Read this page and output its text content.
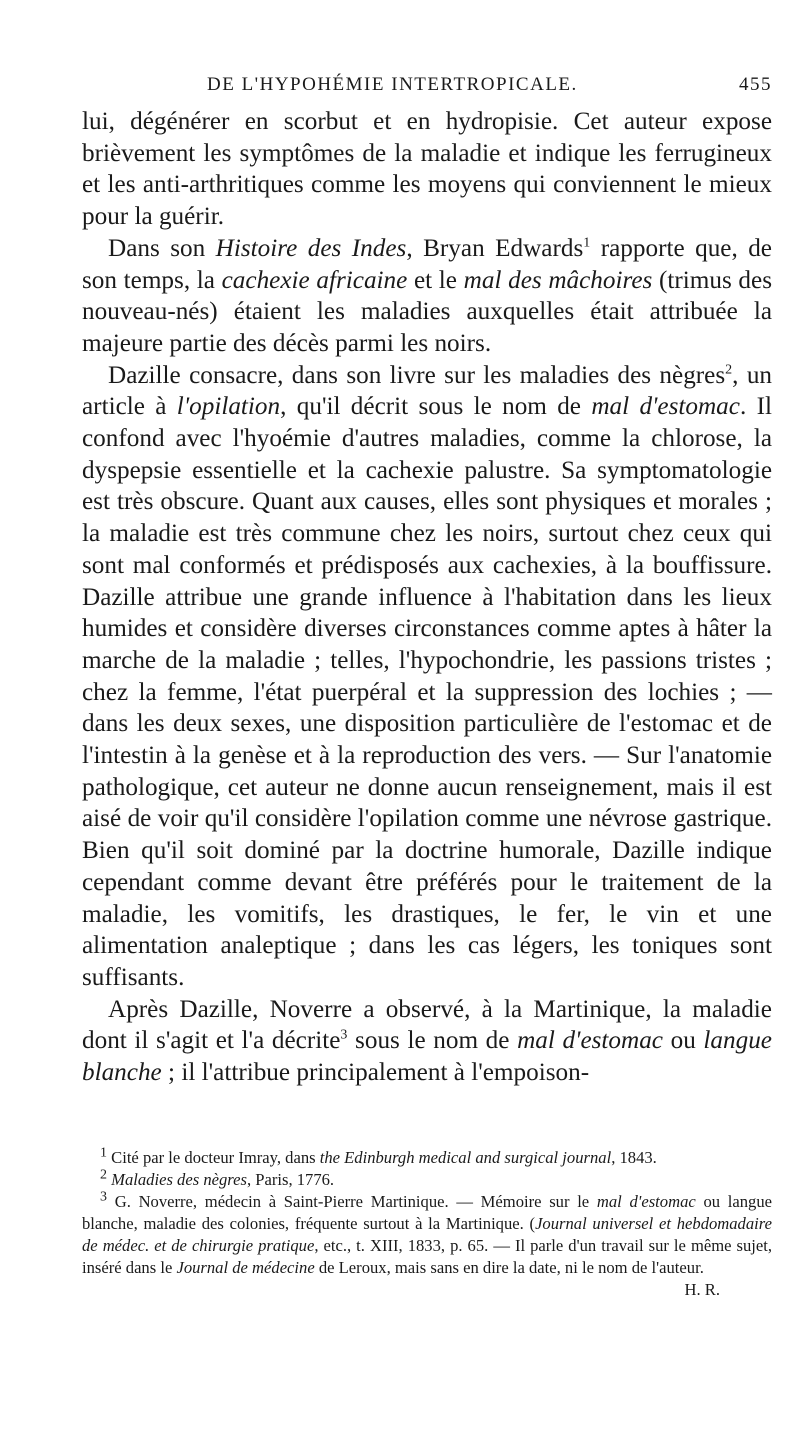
DE L'HYPOHÉMIE INTERTROPICALE.	455

lui, dégénérer en scorbut et en hydropisie. Cet auteur expose brièvement les symptômes de la maladie et indique les ferrugineux et les anti-arthritiques comme les moyens qui conviennent le mieux pour la guérir.

Dans son Histoire des Indes, Bryan Edwards$^1$ rapporte que, de son temps, la cachexie africaine et le mal des mâchoires (trimus des nouveau-nés) étaient les maladies auxquelles était attribuée la majeure partie des décès parmi les noirs.

Dazille consacre, dans son livre sur les maladies des nègres$^2$, un article à l'opilation, qu'il décrit sous le nom de mal d'estomac. Il confond avec l'hyoémie d'autres maladies, comme la chlorose, la dyspepsie essentielle et la cachexie palustre. Sa symptomatologie est très obscure. Quant aux causes, elles sont physiques et morales ; la maladie est très commune chez les noirs, surtout chez ceux qui sont mal conformés et prédisposés aux cachexies, à la bouffissure. Dazille attribue une grande influence à l'habitation dans les lieux humides et considère diverses circonstances comme aptes à hâter la marche de la maladie ; telles, l'hypochondrie, les passions tristes ; chez la femme, l'état puerpéral et la suppression des lochies ; — dans les deux sexes, une disposition particulière de l'estomac et de l'intestin à la genèse et à la reproduction des vers. — Sur l'anatomie pathologique, cet auteur ne donne aucun renseignement, mais il est aisé de voir qu'il considère l'opilation comme une névrose gastrique. Bien qu'il soit dominé par la doctrine humorale, Dazille indique cependant comme devant être préférés pour le traitement de la maladie, les vomitifs, les drastiques, le fer, le vin et une alimentation analeptique ; dans les cas légers, les toniques sont suffisants.

Après Dazille, Noverre a observé, à la Martinique, la maladie dont il s'agit et l'a décrite$^3$ sous le nom de mal d'estomac ou langue blanche ; il l'attribue principalement à l'empoison-

$^1$ Cité par le docteur Imray, dans the Edinburgh medical and surgical journal, 1843.

$^2$ Maladies des nègres, Paris, 1776.

$^3$ G. Noverre, médecin à Saint-Pierre Martinique. — Mémoire sur le mal d'estomac ou langue blanche, maladie des colonies, fréquente surtout à la Martinique. (Journal universel et hebdomadaire de médec. et de chirurgie pratique, etc., t. XIII, 1833, p. 65. — Il parle d'un travail sur le même sujet, inséré dans le Journal de médecine de Leroux, mais sans en dire la date, ni le nom de l'auteur.

H. R.
